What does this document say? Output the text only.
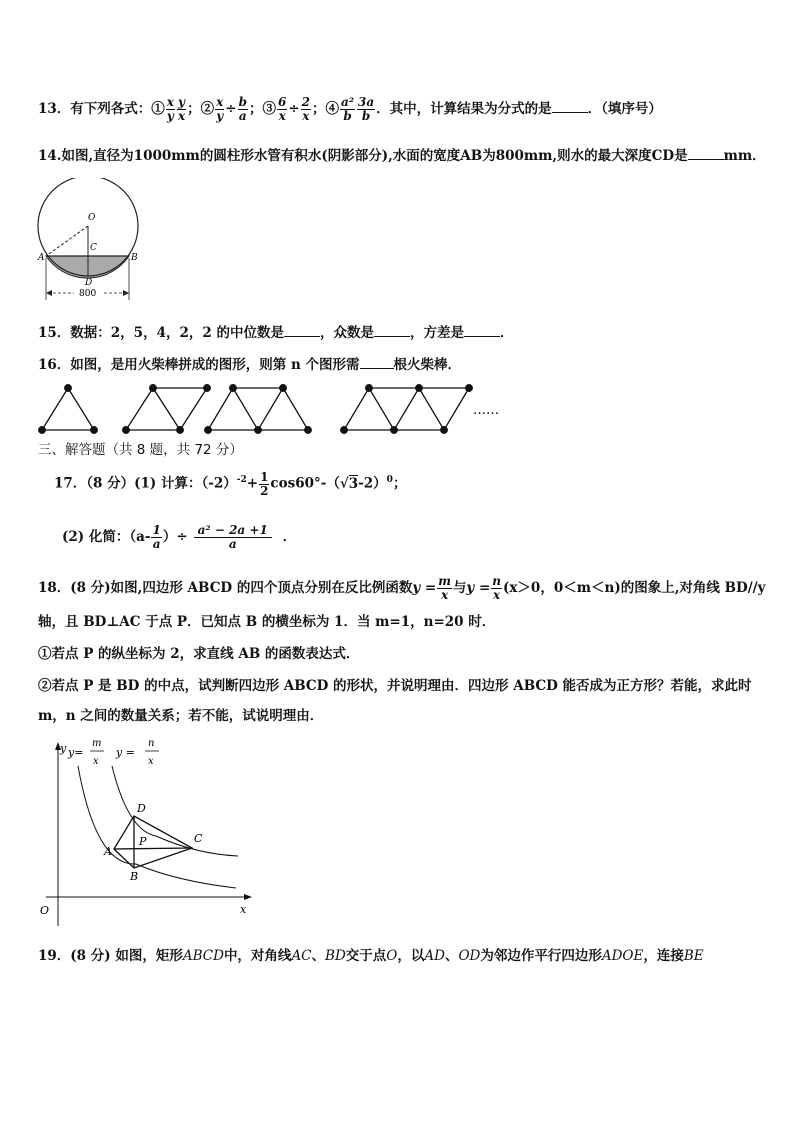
13．有下列各式：① $\frac{x}{y} \frac{y}{x}$ ；② $\frac{x}{y} \div \frac{b}{a}$ ；③ $\frac{6}{x} \div \frac{2}{x}$ ；④ $\frac{\text{a²}}{b} \frac{3a}{b}$ ．其中，计算结果为分式的是	．（填序号）
14.如图,直径为1000mm的圆柱形水管有积水(阴影部分),水面的宽度AB为800mm,则水的最大深度CD是	mm．
O
C
A	B
D
800
15．数据：2，5，4，2，2 的中位数是	，众数是	，方差是	．
16．如图，是用火柴棒拼成的图形，则第 n 个图形需	根火柴棒．
……
三、解答题（共 8 题，共 72 分）
17．（8 分）(1) 计算：$(-2)^{-2}+ \frac{1}{2} \cos 60^\circ-(√3-2)^0$；
(2) 化简：（$a- \frac{1}{a}$ ）÷ $\frac{\text{a² − 2a +1}}{a}$ ．
18．(8 分)如图,四边形 ABCD 的四个顶点分别在反比例函数$y = \frac{m}{x}$ 与$y = \frac{n}{x} (x>0$，0＜m＜n)的图象上,对角线 BD//y
轴，且 BD⊥AC 于点 P．已知点 B 的横坐标为 1．当 m=1，n=20 时．
①若点 P 的纵坐标为 2，求直线 AB 的函数表达式．
②若点 P 是 BD 的中点，试判断四边形 ABCD 的形状，并说明理由．四边形 ABCD 能否成为正方形？若能，求此时
m，n 之间的数量关系；若不能，试说明理由．
y y=
m
x
y =
n
x
D
P	C
A
B
O	x
19．(8 分) 如图，矩形ABCD中，对角线AC、BD交于点O，以AD、OD为邻边作平行四边形ADOE，连接BE
